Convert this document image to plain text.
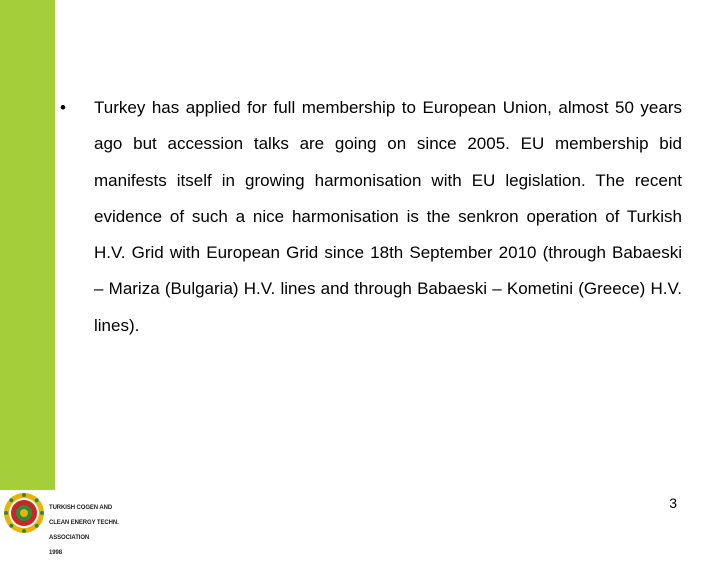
• Turkey has applied for full membership to European Union, almost 50 years ago but accession talks are going on since 2005. EU membership bid manifests itself in growing harmonisation with EU legislation. The recent evidence of such a nice harmonisation is the senkron operation of Turkish H.V. Grid with European Grid since 18th September 2010 (through Babaeski – Mariza (Bulgaria) H.V. lines and through Babaeski – Kometini (Greece) H.V. lines).

TURKISH COGEN AND

CLEAN ENERGY TECHN.

ASSOCIATION

1998

3
